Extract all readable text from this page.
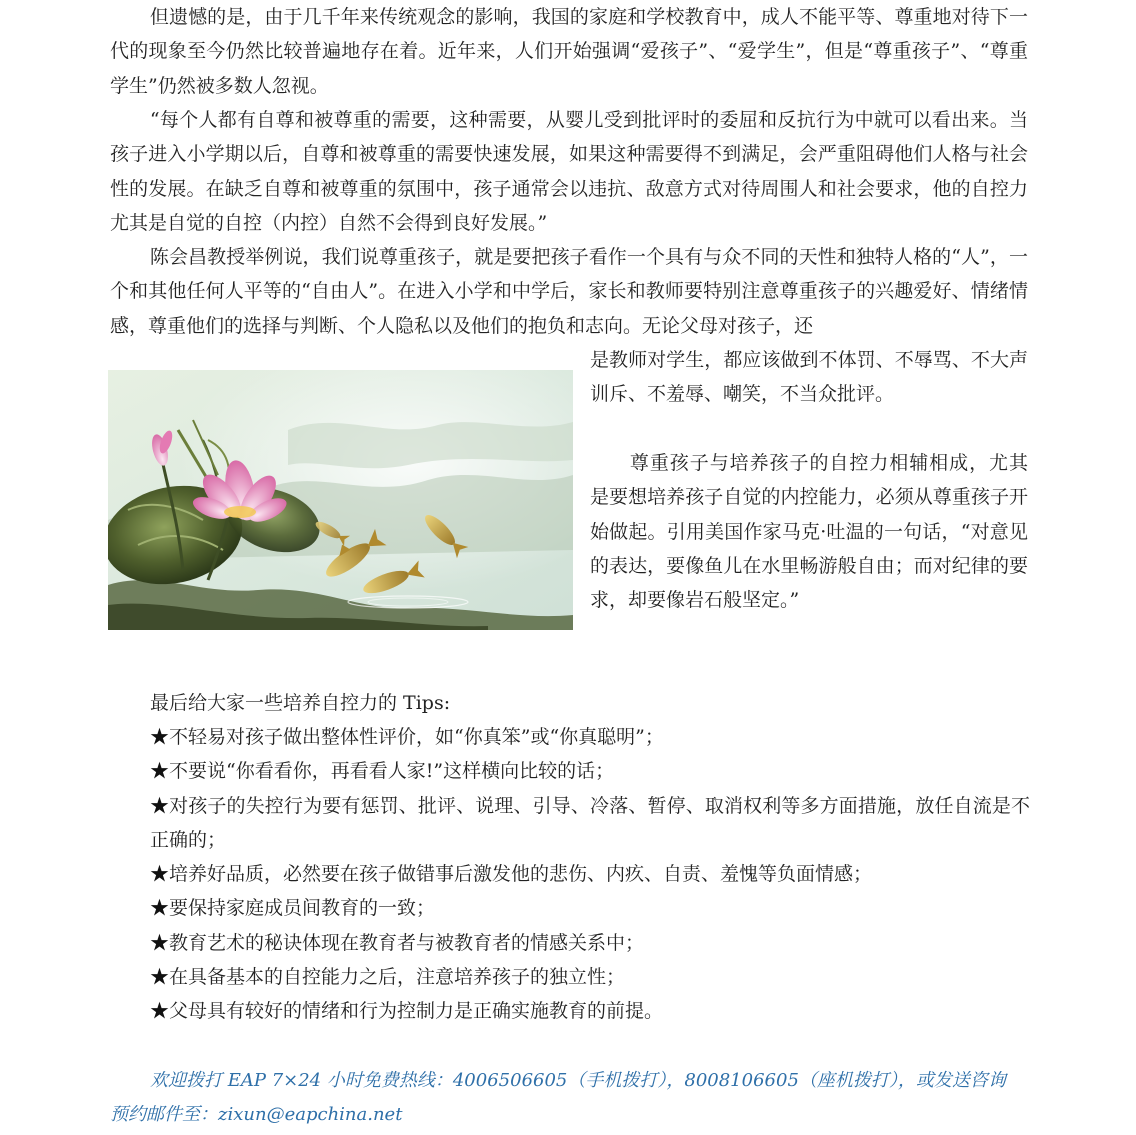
但遗憾的是，由于几千年来传统观念的影响，我国的家庭和学校教育中，成人不能平等、尊重地对待下一代的现象至今仍然比较普遍地存在着。近年来，人们开始强调“爱孩子”、“爱学生”，但是“尊重孩子”、“尊重学生”仍然被多数人忽视。

“每个人都有自尊和被尊重的需要，这种需要，从婴儿受到批评时的委屈和反抗行为中就可以看出来。当孩子进入小学期以后，自尊和被尊重的需要快速发展，如果这种需要得不到满足，会严重阻碍他们人格与社会性的发展。在缺乏自尊和被尊重的氛围中，孩子通常会以违抗、敌意方式对待周围人和社会要求，他的自控力尤其是自觉的自控（内控）自然不会得到良好发展。”

陈会昌教授举例说，我们说尊重孩子，就是要把孩子看作一个具有与众不同的天性和独特人格的“人”，一个和其他任何人平等的“自由人”。在进入小学和中学后，家长和教师要特别注意尊重孩子的兴趣爱好、情绪情感，尊重他们的选择与判断、个人隐私以及他们的抱负和志向。无论父母对孩子，还

是教师对学生，都应该做到不体罚、不辱骂、不大声训斥、不羞辱、嘲笑，不当众批评。

尊重孩子与培养孩子的自控力相辅相成，尤其是要想培养孩子自觉的内控能力，必须从尊重孩子开始做起。引用美国作家马克·吐温的一句话，“对意见的表达，要像鱼儿在水里畅游般自由；而对纪律的要求，却要像岩石般坚定。”

最后给大家一些培养自控力的 Tips:

★不轻易对孩子做出整体性评价，如“你真笨”或“你真聪明”；
★不要说“你看看你，再看看人家!”这样横向比较的话；
★对孩子的失控行为要有惩罚、批评、说理、引导、冷落、暂停、取消权利等多方面措施，放任自流是不正确的；
★培养好品质，必然要在孩子做错事后激发他的悲伤、内疚、自责、羞愧等负面情感；
★要保持家庭成员间教育的一致；
★教育艺术的秘诀体现在教育者与被教育者的情感关系中；
★在具备基本的自控能力之后，注意培养孩子的独立性；
★父母具有较好的情绪和行为控制力是正确实施教育的前提。
欢迎拨打 EAP 7×24 小时免费热线：4006506605（手机拨打），8008106605（座机拨打），或发送咨询
预约邮件至：zixun@eapchina.net
